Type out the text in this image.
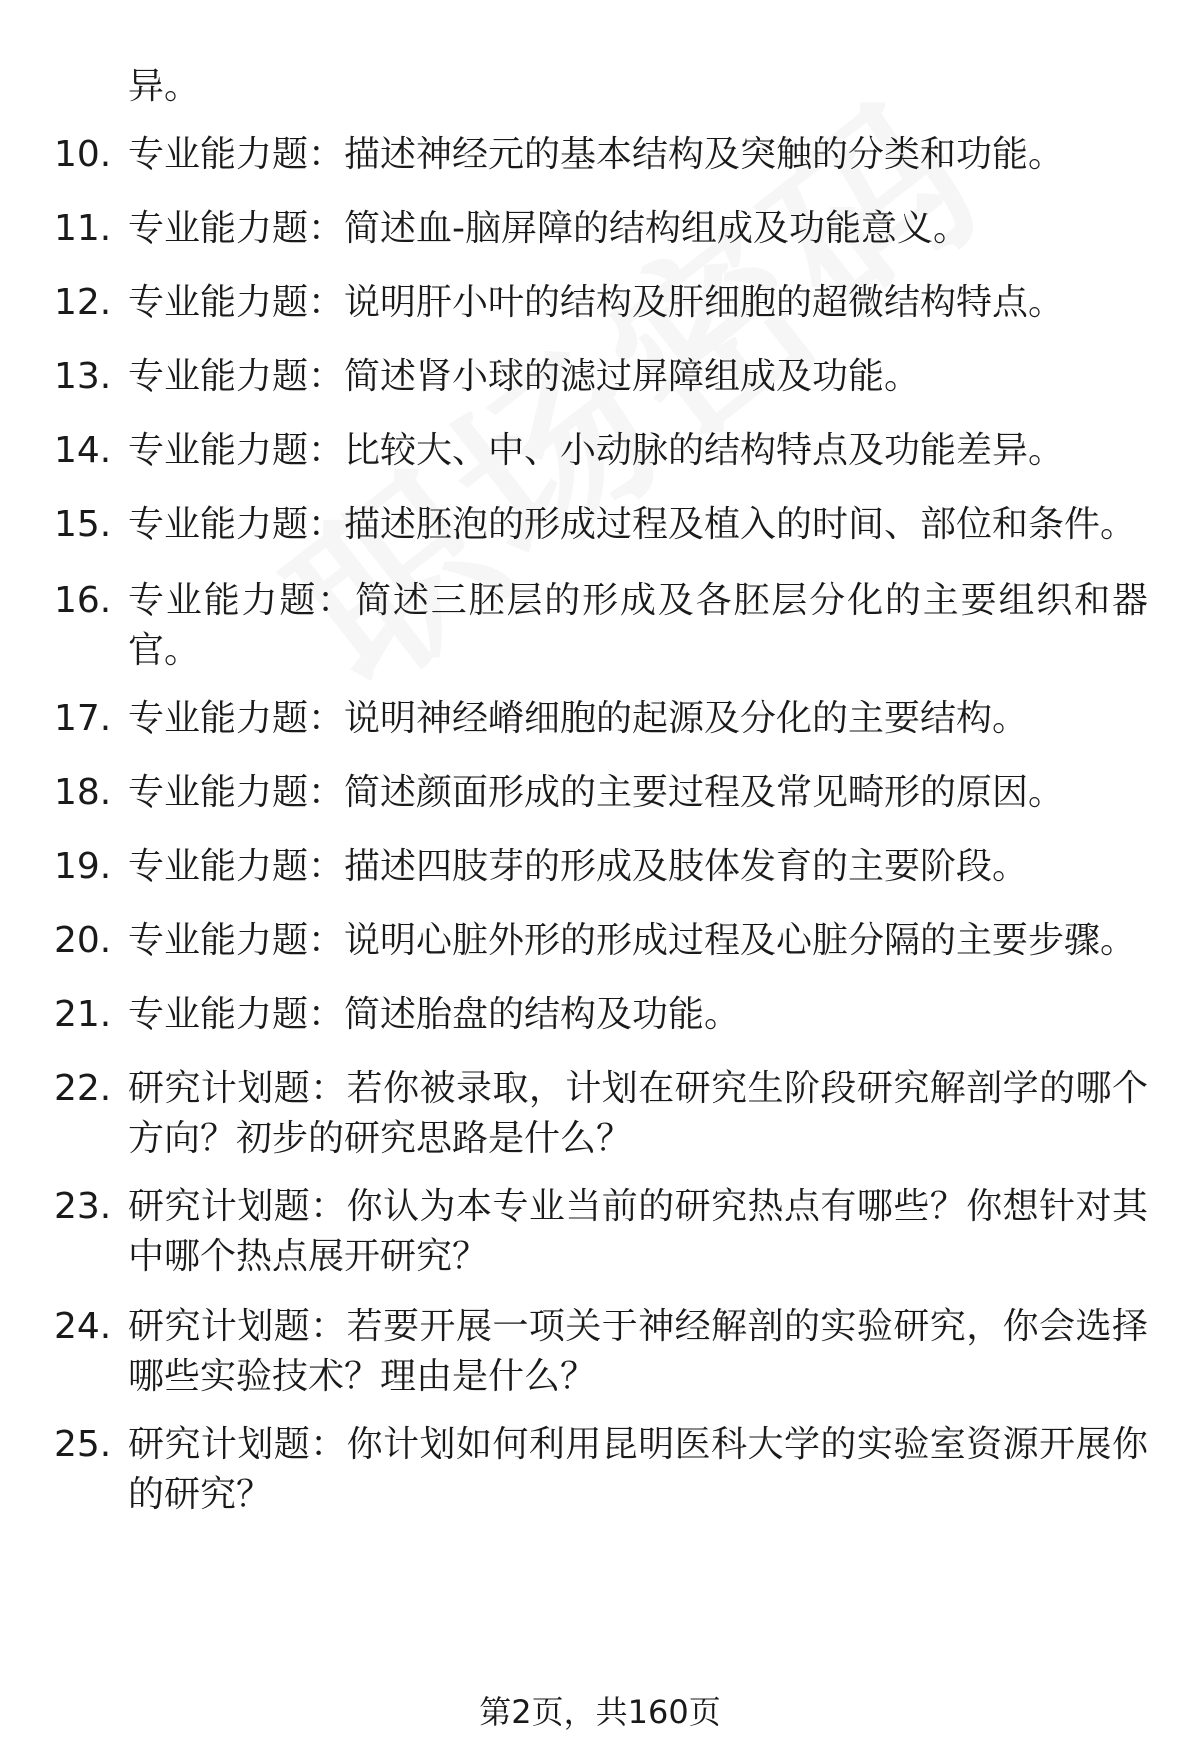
异。
10. 专业能力题：描述神经元的基本结构及突触的分类和功能。
11. 专业能力题：简述血-脑屏障的结构组成及功能意义。
12. 专业能力题：说明肝小叶的结构及肝细胞的超微结构特点。
13. 专业能力题：简述肾小球的滤过屏障组成及功能。
14. 专业能力题：比较大、中、小动脉的结构特点及功能差异。
15. 专业能力题：描述胚泡的形成过程及植入的时间、部位和条件。
16. 专业能力题：简述三胚层的形成及各胚层分化的主要组织和器官。
17. 专业能力题：说明神经嵴细胞的起源及分化的主要结构。
18. 专业能力题：简述颜面形成的主要过程及常见畸形的原因。
19. 专业能力题：描述四肢芽的形成及肢体发育的主要阶段。
20. 专业能力题：说明心脏外形的形成过程及心脏分隔的主要步骤。
21. 专业能力题：简述胎盘的结构及功能。
22. 研究计划题：若你被录取，计划在研究生阶段研究解剖学的哪个方向？初步的研究思路是什么？
23. 研究计划题：你认为本专业当前的研究热点有哪些？你想针对其中哪个热点展开研究？
24. 研究计划题：若要开展一项关于神经解剖的实验研究，你会选择哪些实验技术？理由是什么？
25. 研究计划题：你计划如何利用昆明医科大学的实验室资源开展你的研究？
第2页，共160页
